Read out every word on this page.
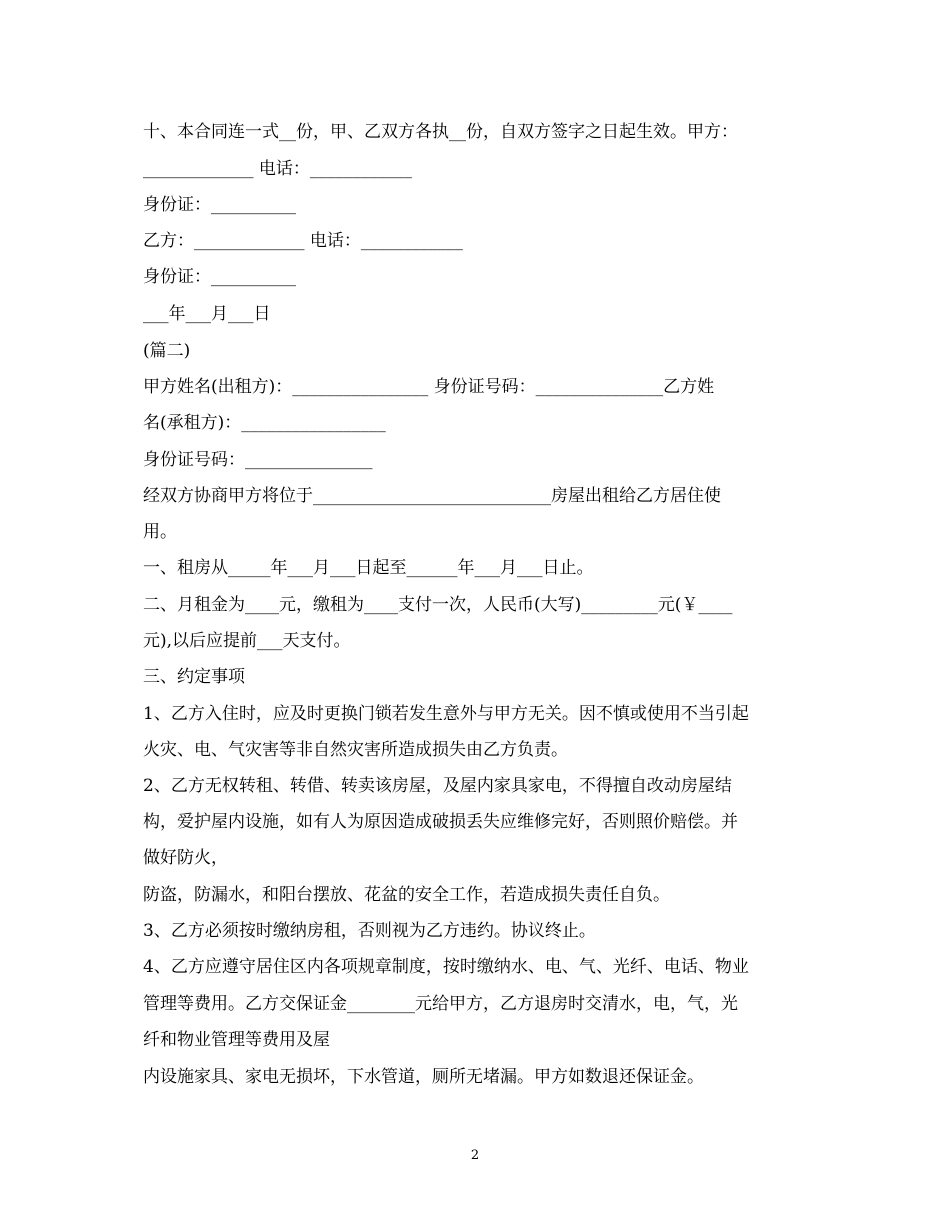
十、本合同连一式__份，甲、乙双方各执__份，自双方签字之日起生效。甲方：
_____________ 电话：____________
身份证：__________
乙方：_____________ 电话：____________
身份证：__________
___年___月___日
(篇二)
甲方姓名(出租方)：________________ 身份证号码：_______________乙方姓
名(承租方)：_________________
身份证号码：_______________
经双方协商甲方将位于____________________________房屋出租给乙方居住使
用。
一、租房从_____年___月___日起至______年___月___日止。
二、月租金为____元，缴租为____支付一次，人民币(大写)_________元(￥____
元),以后应提前___天支付。
三、约定事项
1、乙方入住时，应及时更换门锁若发生意外与甲方无关。因不慎或使用不当引起
火灾、电、气灾害等非自然灾害所造成损失由乙方负责。
2、乙方无权转租、转借、转卖该房屋，及屋内家具家电，不得擅自改动房屋结
构，爱护屋内设施，如有人为原因造成破损丢失应维修完好，否则照价赔偿。并
做好防火，
防盗，防漏水，和阳台摆放、花盆的安全工作，若造成损失责任自负。
3、乙方必须按时缴纳房租，否则视为乙方违约。协议终止。
4、乙方应遵守居住区内各项规章制度，按时缴纳水、电、气、光纤、电话、物业
管理等费用。乙方交保证金________元给甲方，乙方退房时交清水，电，气，光
纤和物业管理等费用及屋
内设施家具、家电无损坏，下水管道，厕所无堵漏。甲方如数退还保证金。
2
